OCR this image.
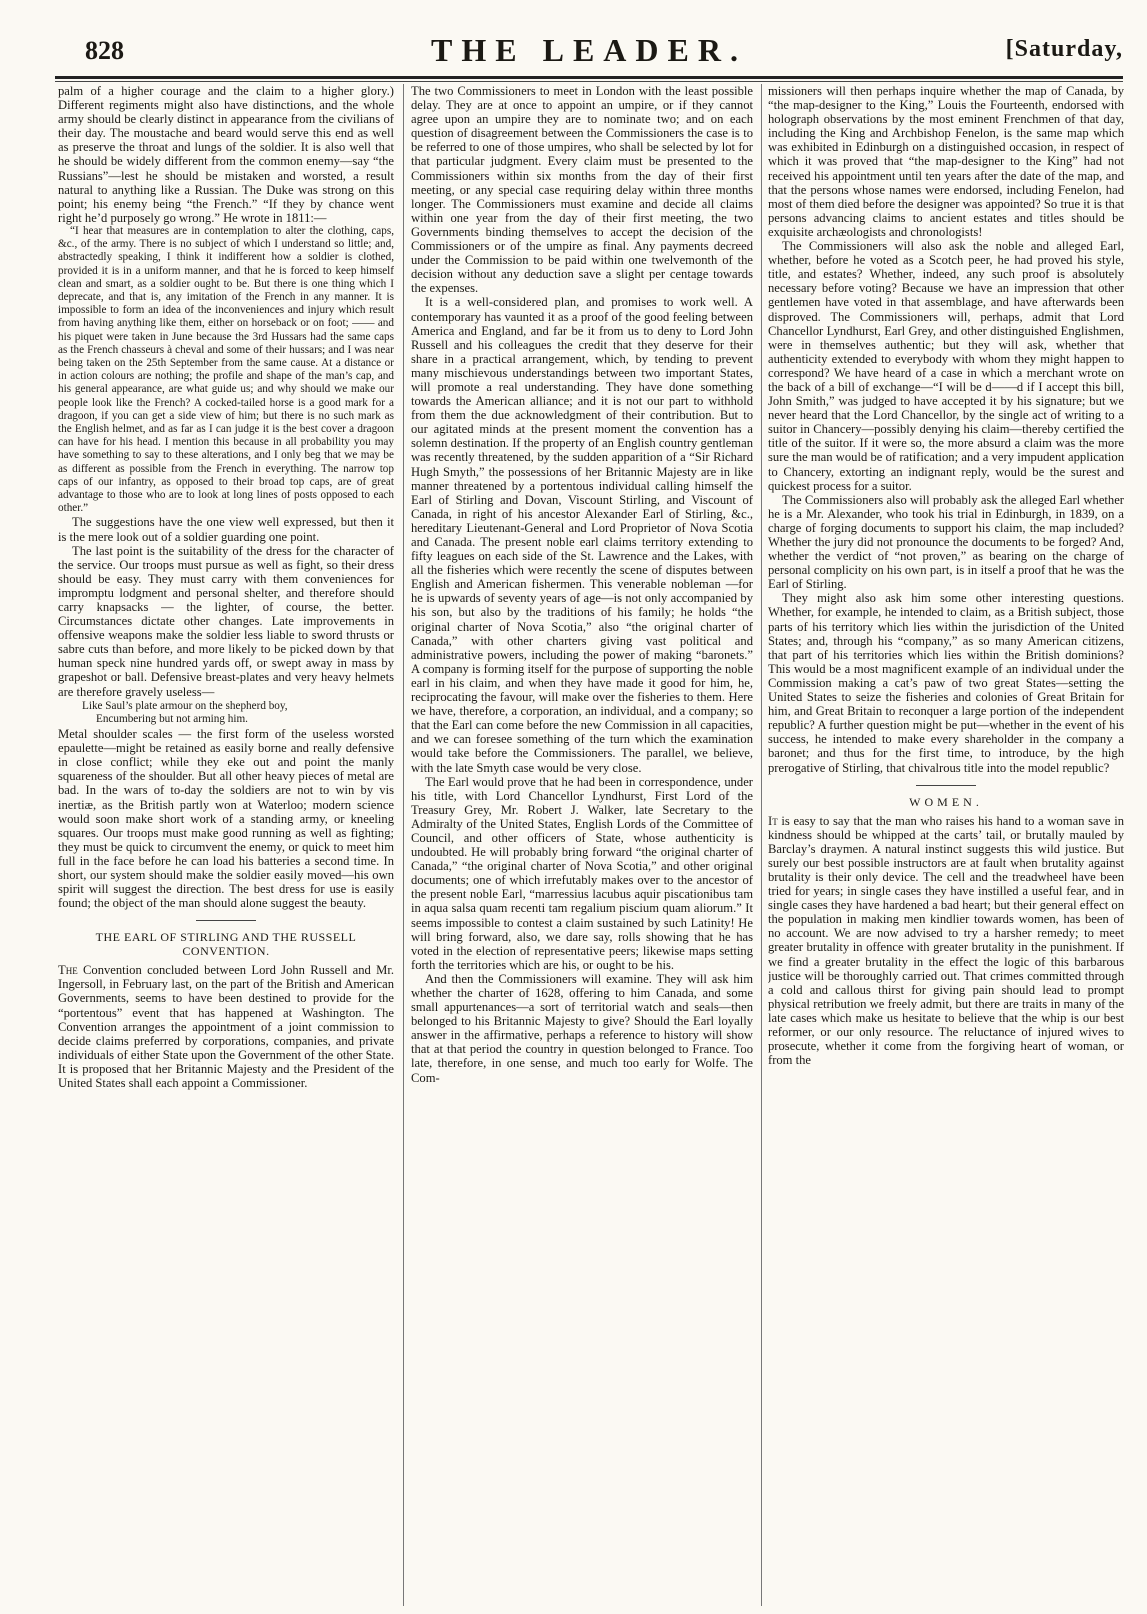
828	THE LEADER.	[Saturday,

palm of a higher courage and the claim to a higher glory.) Different regiments might also have distinctions, and the whole army should be clearly distinct in appearance from the civilians of their day. The moustache and beard would serve this end as well as preserve the throat and lungs of the soldier. It is also well that he should be widely different from the common enemy—say “the Russians”—lest he should be mistaken and worsted, a result natural to anything like a Russian. The Duke was strong on this point; his enemy being “the French.” “If they by chance went right he’d purposely go wrong.” He wrote in 1811:—

“I hear that measures are in contemplation to alter the clothing, caps, &c., of the army. There is no subject of which I understand so little; and, abstractedly speaking, I think it indifferent how a soldier is clothed, provided it is in a uniform manner, and that he is forced to keep himself clean and smart, as a soldier ought to be. But there is one thing which I deprecate, and that is, any imitation of the French in any manner. It is impossible to form an idea of the inconveniences and injury which result from having anything like them, either on horseback or on foot; —— and his piquet were taken in June because the 3rd Hussars had the same caps as the French chasseurs à cheval and some of their hussars; and I was near being taken on the 25th September from the same cause. At a distance or in action colours are nothing; the profile and shape of the man’s cap, and his general appearance, are what guide us; and why should we make our people look like the French? A cocked-tailed horse is a good mark for a dragoon, if you can get a side view of him; but there is no such mark as the English helmet, and as far as I can judge it is the best cover a dragoon can have for his head. I mention this because in all probability you may have something to say to these alterations, and I only beg that we may be as different as possible from the French in everything. The narrow top caps of our infantry, as opposed to their broad top caps, are of great advantage to those who are to look at long lines of posts opposed to each other.”

The suggestions have the one view well expressed, but then it is the mere look out of a soldier guarding one point.

The last point is the suitability of the dress for the character of the service. Our troops must pursue as well as fight, so their dress should be easy. They must carry with them conveniences for impromptu lodgment and personal shelter, and therefore should carry knapsacks — the lighter, of course, the better. Circumstances dictate other changes. Late improvements in offensive weapons make the soldier less liable to sword thrusts or sabre cuts than before, and more likely to be picked down by that human speck nine hundred yards off, or swept away in mass by grapeshot or ball. Defensive breast-plates and very heavy helmets are therefore gravely useless—

Like Saul’s plate armour on the shepherd boy,
Encumbering but not arming him.

Metal shoulder scales — the first form of the useless worsted epaulette—might be retained as easily borne and really defensive in close conflict; while they eke out and point the manly squareness of the shoulder. But all other heavy pieces of metal are bad. In the wars of to-day the soldiers are not to win by vis inertiæ, as the British partly won at Waterloo; modern science would soon make short work of a standing army, or kneeling squares. Our troops must make good running as well as fighting; they must be quick to circumvent the enemy, or quick to meet him full in the face before he can load his batteries a second time. In short, our system should make the soldier easily moved—his own spirit will suggest the direction. The best dress for use is easily found; the object of the man should alone suggest the beauty.

THE EARL OF STIRLING AND THE RUSSELL CONVENTION.

The Convention concluded between Lord John Russell and Mr. Ingersoll, in February last, on the part of the British and American Governments, seems to have been destined to provide for the “portentous” event that has happened at Washington. The Convention arranges the appointment of a joint commission to decide claims preferred by corporations, companies, and private individuals of either State upon the Government of the other State. It is proposed that her Britannic Majesty and the President of the United States shall each appoint a Commissioner.

The two Commissioners to meet in London with the least possible delay. They are at once to appoint an umpire, or if they cannot agree upon an umpire they are to nominate two; and on each question of disagreement between the Commissioners the case is to be referred to one of those umpires, who shall be selected by lot for that particular judgment. Every claim must be presented to the Commissioners within six months from the day of their first meeting, or any special case requiring delay within three months longer. The Commissioners must examine and decide all claims within one year from the day of their first meeting, the two Governments binding themselves to accept the decision of the Commissioners or of the umpire as final. Any payments decreed under the Commission to be paid within one twelvemonth of the decision without any deduction save a slight per centage towards the expenses.

It is a well-considered plan, and promises to work well. A contemporary has vaunted it as a proof of the good feeling between America and England, and far be it from us to deny to Lord John Russell and his colleagues the credit that they deserve for their share in a practical arrangement, which, by tending to prevent many mischievous understandings between two important States, will promote a real understanding. They have done something towards the American alliance; and it is not our part to withhold from them the due acknowledgment of their contribution. But to our agitated minds at the present moment the convention has a solemn destination. If the property of an English country gentleman was recently threatened, by the sudden apparition of a “Sir Richard Hugh Smyth,” the possessions of her Britannic Majesty are in like manner threatened by a portentous individual calling himself the Earl of Stirling and Dovan, Viscount Stirling, and Viscount of Canada, in right of his ancestor Alexander Earl of Stirling, &c., hereditary Lieutenant-General and Lord Proprietor of Nova Scotia and Canada. The present noble earl claims territory extending to fifty leagues on each side of the St. Lawrence and the Lakes, with all the fisheries which were recently the scene of disputes between English and American fishermen. This venerable nobleman —for he is upwards of seventy years of age—is not only accompanied by his son, but also by the traditions of his family; he holds “the original charter of Nova Scotia,” also “the original charter of Canada,” with other charters giving vast political and administrative powers, including the power of making “baronets.” A company is forming itself for the purpose of supporting the noble earl in his claim, and when they have made it good for him, he, reciprocating the favour, will make over the fisheries to them. Here we have, therefore, a corporation, an individual, and a company; so that the Earl can come before the new Commission in all capacities, and we can foresee something of the turn which the examination would take before the Commissioners. The parallel, we believe, with the late Smyth case would be very close.

The Earl would prove that he had been in correspondence, under his title, with Lord Chancellor Lyndhurst, First Lord of the Treasury Grey, Mr. Robert J. Walker, late Secretary to the Admiralty of the United States, English Lords of the Committee of Council, and other officers of State, whose authenticity is undoubted. He will probably bring forward “the original charter of Canada,” “the original charter of Nova Scotia,” and other original documents; one of which irrefutably makes over to the ancestor of the present noble Earl, “marressius lacubus aquir piscationibus tam in aqua salsa quam recenti tam regalium piscium quam aliorum.” It seems impossible to contest a claim sustained by such Latinity! He will bring forward, also, we dare say, rolls showing that he has voted in the election of representative peers; likewise maps setting forth the territories which are his, or ought to be his.

And then the Commissioners will examine. They will ask him whether the charter of 1628, offering to him Canada, and some small appurtenances—a sort of territorial watch and seals—then belonged to his Britannic Majesty to give? Should the Earl loyally answer in the affirmative, perhaps a reference to history will show that at that period the country in question belonged to France. Too late, therefore, in one sense, and much too early for Wolfe. The Com-

missioners will then perhaps inquire whether the map of Canada, by “the map-designer to the King,” Louis the Fourteenth, endorsed with holograph observations by the most eminent Frenchmen of that day, including the King and Archbishop Fenelon, is the same map which was exhibited in Edinburgh on a distinguished occasion, in respect of which it was proved that “the map-designer to the King” had not received his appointment until ten years after the date of the map, and that the persons whose names were endorsed, including Fenelon, had most of them died before the designer was appointed? So true it is that persons advancing claims to ancient estates and titles should be exquisite archæologists and chronologists!

The Commissioners will also ask the noble and alleged Earl, whether, before he voted as a Scotch peer, he had proved his style, title, and estates? Whether, indeed, any such proof is absolutely necessary before voting? Because we have an impression that other gentlemen have voted in that assemblage, and have afterwards been disproved. The Commissioners will, perhaps, admit that Lord Chancellor Lyndhurst, Earl Grey, and other distinguished Englishmen, were in themselves authentic; but they will ask, whether that authenticity extended to everybody with whom they might happen to correspond? We have heard of a case in which a merchant wrote on the back of a bill of exchange—“I will be d——d if I accept this bill, John Smith,” was judged to have accepted it by his signature; but we never heard that the Lord Chancellor, by the single act of writing to a suitor in Chancery—possibly denying his claim—thereby certified the title of the suitor. If it were so, the more absurd a claim was the more sure the man would be of ratification; and a very impudent application to Chancery, extorting an indignant reply, would be the surest and quickest process for a suitor.

The Commissioners also will probably ask the alleged Earl whether he is a Mr. Alexander, who took his trial in Edinburgh, in 1839, on a charge of forging documents to support his claim, the map included? Whether the jury did not pronounce the documents to be forged? And, whether the verdict of “not proven,” as bearing on the charge of personal complicity on his own part, is in itself a proof that he was the Earl of Stirling.

They might also ask him some other interesting questions. Whether, for example, he intended to claim, as a British subject, those parts of his territory which lies within the jurisdiction of the United States; and, through his “company,” as so many American citizens, that part of his territories which lies within the British dominions? This would be a most magnificent example of an individual under the Commission making a cat’s paw of two great States—setting the United States to seize the fisheries and colonies of Great Britain for him, and Great Britain to reconquer a large portion of the independent republic? A further question might be put—whether in the event of his success, he intended to make every shareholder in the company a baronet; and thus for the first time, to introduce, by the high prerogative of Stirling, that chivalrous title into the model republic?

WOMEN.

It is easy to say that the man who raises his hand to a woman save in kindness should be whipped at the carts’ tail, or brutally mauled by Barclay’s draymen. A natural instinct suggests this wild justice. But surely our best possible instructors are at fault when brutality against brutality is their only device. The cell and the treadwheel have been tried for years; in single cases they have instilled a useful fear, and in single cases they have hardened a bad heart; but their general effect on the population in making men kindlier towards women, has been of no account. We are now advised to try a harsher remedy; to meet greater brutality in offence with greater brutality in the punishment. If we find a greater brutality in the effect the logic of this barbarous justice will be thoroughly carried out. That crimes committed through a cold and callous thirst for giving pain should lead to prompt physical retribution we freely admit, but there are traits in many of the late cases which make us hesitate to believe that the whip is our best reformer, or our only resource. The reluctance of injured wives to prosecute, whether it come from the forgiving heart of woman, or from the
